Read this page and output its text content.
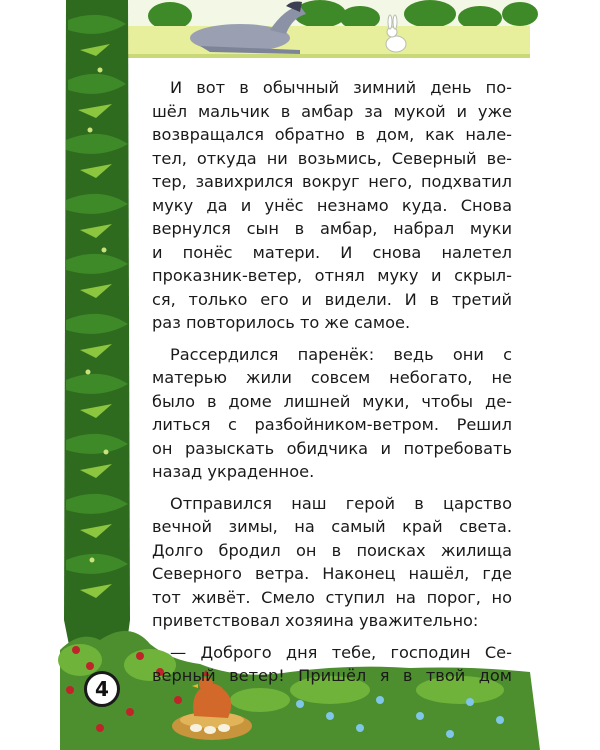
И вот в обычный зимний день по-
шёл мальчик в амбар за мукой и уже
возвращался обратно в дом, как нале-
тел, откуда ни возьмись, Северный ве-
тер, завихрился вокруг него, подхватил
муку да и унёс незнамо куда. Снова
вернулся сын в амбар, набрал муки
и понёс матери. И снова налетел
проказник-ветер, отнял муку и скрыл-
ся, только его и видели. И в третий
раз повторилось то же самое.
Рассердился паренёк: ведь они с
матерью жили совсем небогато, не
было в доме лишней муки, чтобы де-
литься с разбойником-ветром. Решил
он разыскать обидчика и потребовать
назад украденное.
Отправился наш герой в царство
вечной зимы, на самый край света.
Долго бродил он в поисках жилища
Северного ветра. Наконец нашёл, где
тот живёт. Смело ступил на порог, но
приветствовал хозяина уважительно:
— Доброго дня тебе, господин Се-
верный ветер! Пришёл я в твой дом
4
